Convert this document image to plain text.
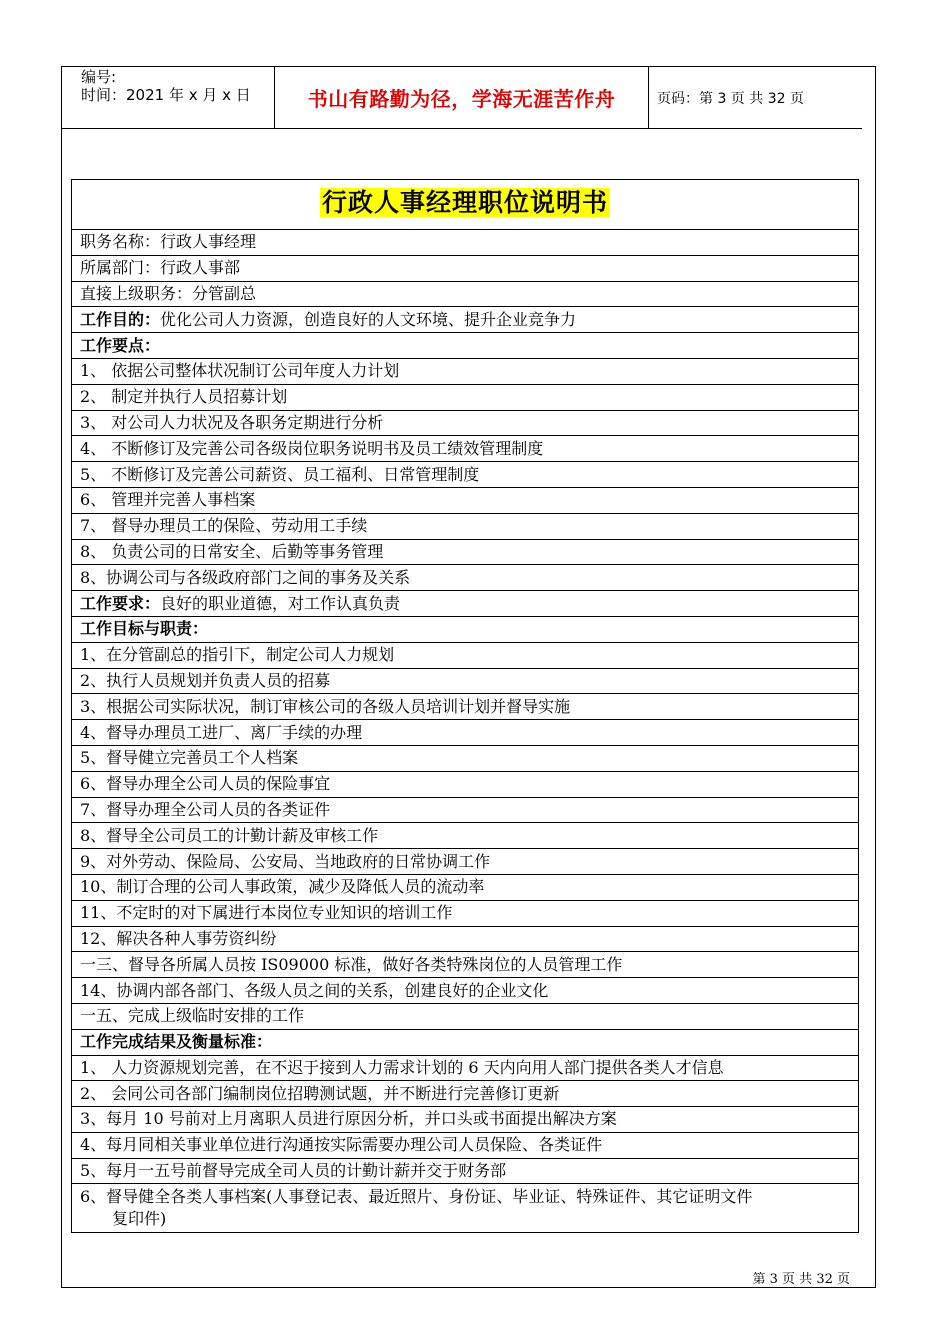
编号:
时间：2021 年 x 月 x 日	书山有路勤为径，学海无涯苦作舟	页码：第 3 页 共 32 页
行政人事经理职位说明书
职务名称：行政人事经理
所属部门：行政人事部
直接上级职务：分管副总
工作目的：优化公司人力资源，创造良好的人文环境、提升企业竞争力
工作要点：
1、 依据公司整体状况制订公司年度人力计划
2、 制定并执行人员招募计划
3、 对公司人力状况及各职务定期进行分析
4、 不断修订及完善公司各级岗位职务说明书及员工绩效管理制度
5、 不断修订及完善公司薪资、员工福利、日常管理制度
6、 管理并完善人事档案
7、 督导办理员工的保险、劳动用工手续
8、 负责公司的日常安全、后勤等事务管理
8、协调公司与各级政府部门之间的事务及关系
工作要求：良好的职业道德，对工作认真负责
工作目标与职责：
1、在分管副总的指引下，制定公司人力规划
2、执行人员规划并负责人员的招募
3、根据公司实际状况，制订审核公司的各级人员培训计划并督导实施
4、督导办理员工进厂、离厂手续的办理
5、督导健立完善员工个人档案
6、督导办理全公司人员的保险事宜
7、督导办理全公司人员的各类证件
8、督导全公司员工的计勤计薪及审核工作
9、对外劳动、保险局、公安局、当地政府的日常协调工作
10、制订合理的公司人事政策，减少及降低人员的流动率
11、不定时的对下属进行本岗位专业知识的培训工作
12、解决各种人事劳资纠纷
一三、督导各所属人员按 IS09000 标准，做好各类特殊岗位的人员管理工作
14、协调内部各部门、各级人员之间的关系，创建良好的企业文化
一五、完成上级临时安排的工作
工作完成结果及衡量标准：
1、 人力资源规划完善，在不迟于接到人力需求计划的 6 天内向用人部门提供各类人才信息
2、 会同公司各部门编制岗位招聘测试题，并不断进行完善修订更新
3、每月 10 号前对上月离职人员进行原因分析，并口头或书面提出解决方案
4、每月同相关事业单位进行沟通按实际需要办理公司人员保险、各类证件
5、每月一五号前督导完成全司人员的计勤计薪并交于财务部
6、督导健全各类人事档案(人事登记表、最近照片、身份证、毕业证、特殊证件、其它证明文件
复印件)
第 3 页 共 32 页
